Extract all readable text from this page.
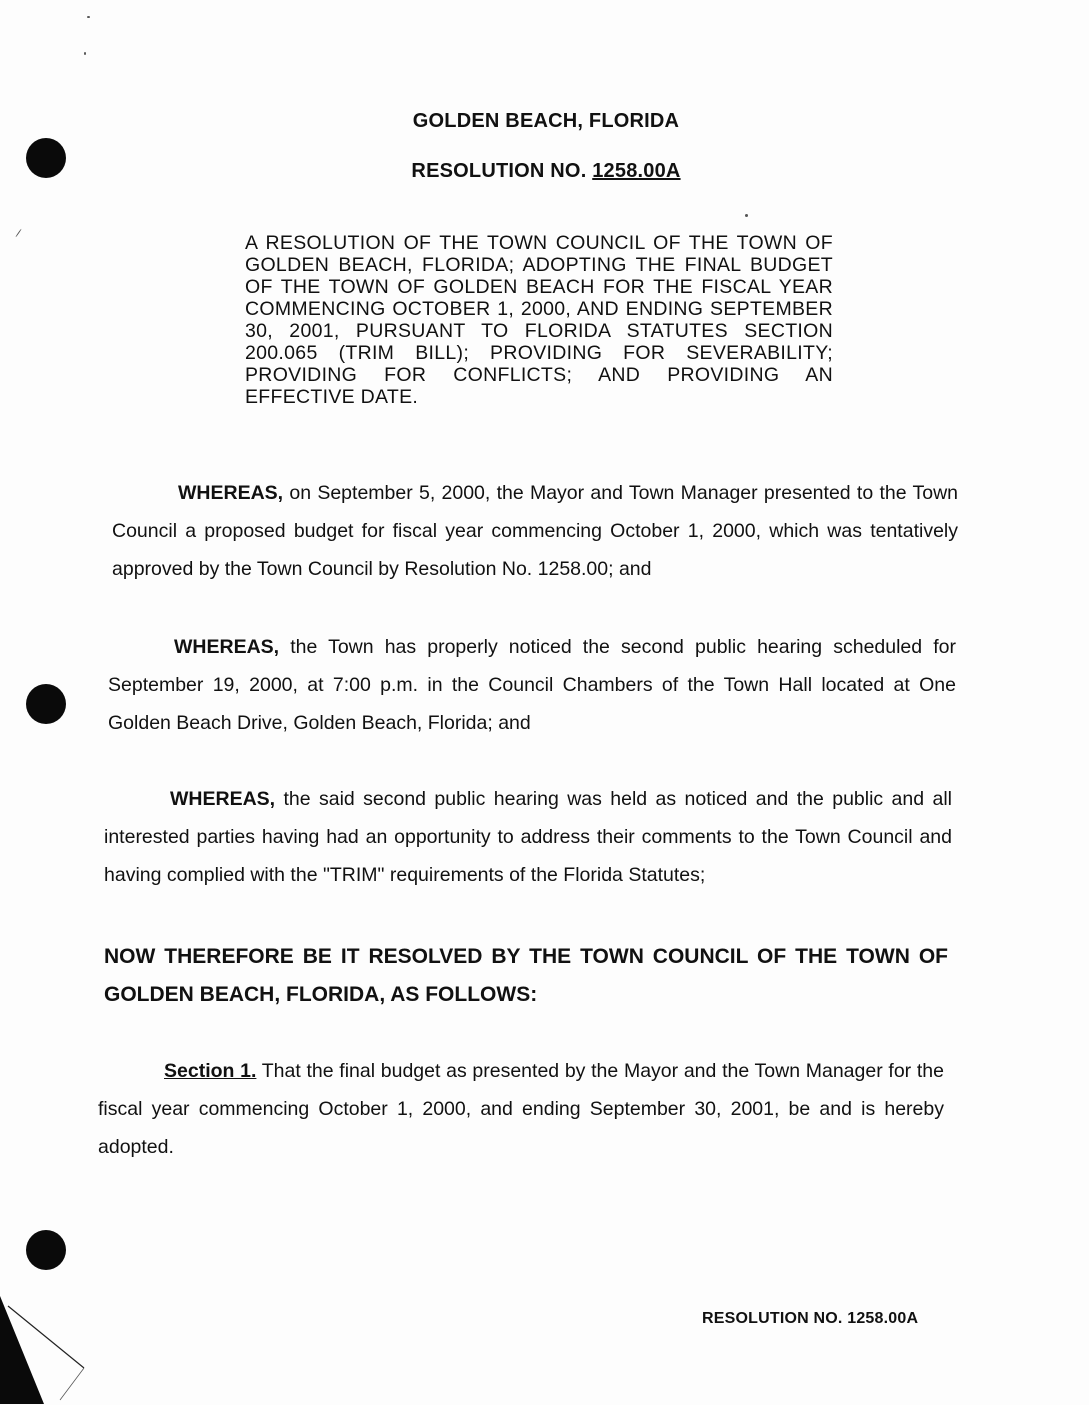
GOLDEN BEACH, FLORIDA
RESOLUTION NO. 1258.00A
A RESOLUTION OF THE TOWN COUNCIL OF THE TOWN OF GOLDEN BEACH, FLORIDA; ADOPTING THE FINAL BUDGET OF THE TOWN OF GOLDEN BEACH FOR THE FISCAL YEAR COMMENCING OCTOBER 1, 2000, AND ENDING SEPTEMBER 30, 2001, PURSUANT TO FLORIDA STATUTES SECTION 200.065 (TRIM BILL); PROVIDING FOR SEVERABILITY; PROVIDING FOR CONFLICTS; AND PROVIDING AN EFFECTIVE DATE.
WHEREAS, on September 5, 2000, the Mayor and Town Manager presented to the Town Council a proposed budget for fiscal year commencing October 1, 2000, which was tentatively approved by the Town Council by Resolution No. 1258.00; and
WHEREAS, the Town has properly noticed the second public hearing scheduled for September 19, 2000, at 7:00 p.m. in the Council Chambers of the Town Hall located at One Golden Beach Drive, Golden Beach, Florida; and
WHEREAS, the said second public hearing was held as noticed and the public and all interested parties having had an opportunity to address their comments to the Town Council and having complied with the "TRIM" requirements of the Florida Statutes;
NOW THEREFORE BE IT RESOLVED BY THE TOWN COUNCIL OF THE TOWN OF GOLDEN BEACH, FLORIDA, AS FOLLOWS:
Section 1. That the final budget as presented by the Mayor and the Town Manager for the fiscal year commencing October 1, 2000, and ending September 30, 2001, be and is hereby adopted.
RESOLUTION NO. 1258.00A
